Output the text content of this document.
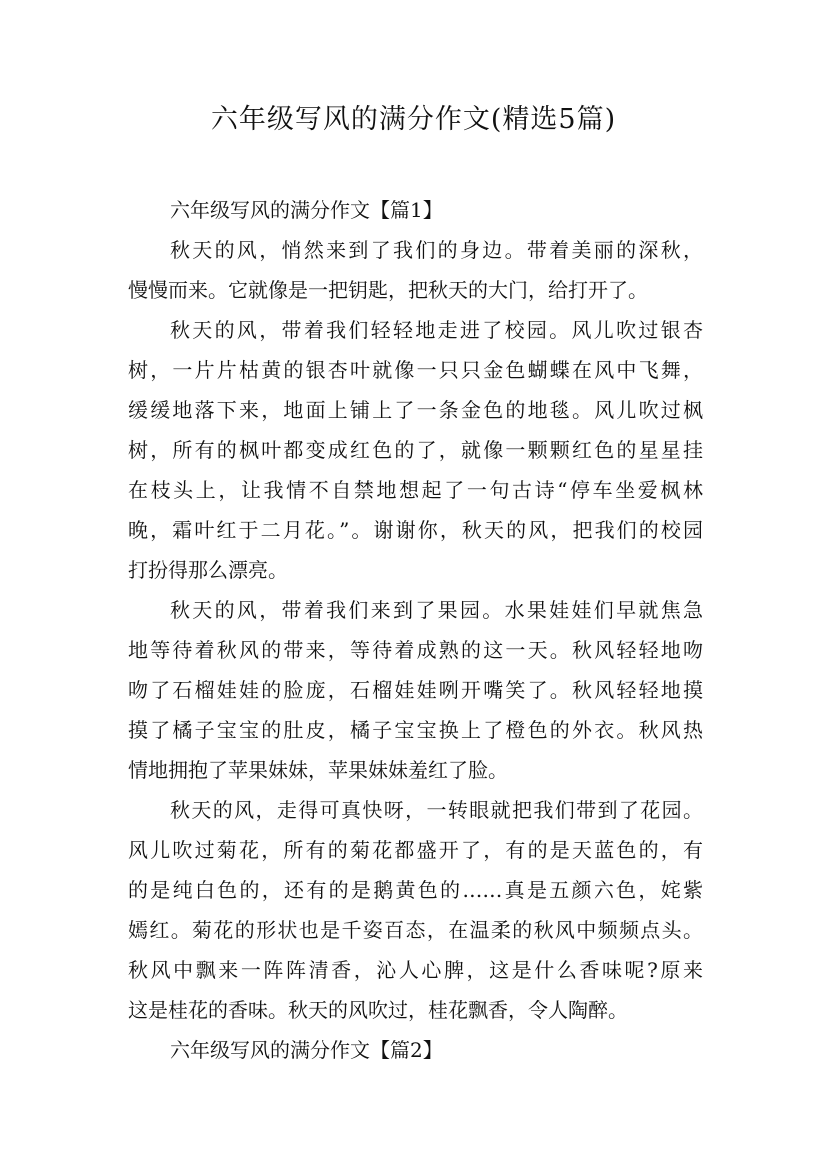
六年级写风的满分作文(精选5篇)
六年级写风的满分作文【篇1】
秋天的风，悄然来到了我们的身边。带着美丽的深秋，
慢慢而来。它就像是一把钥匙，把秋天的大门，给打开了。
秋天的风，带着我们轻轻地走进了校园。风儿吹过银杏
树，一片片枯黄的银杏叶就像一只只金色蝴蝶在风中飞舞，
缓缓地落下来，地面上铺上了一条金色的地毯。风儿吹过枫
树，所有的枫叶都变成红色的了，就像一颗颗红色的星星挂
在枝头上，让我情不自禁地想起了一句古诗“停车坐爱枫林
晚，霜叶红于二月花。”。谢谢你，秋天的风，把我们的校园
打扮得那么漂亮。
秋天的风，带着我们来到了果园。水果娃娃们早就焦急
地等待着秋风的带来，等待着成熟的这一天。秋风轻轻地吻
吻了石榴娃娃的脸庞，石榴娃娃咧开嘴笑了。秋风轻轻地摸
摸了橘子宝宝的肚皮，橘子宝宝换上了橙色的外衣。秋风热
情地拥抱了苹果妹妹，苹果妹妹羞红了脸。
秋天的风，走得可真快呀，一转眼就把我们带到了花园。
风儿吹过菊花，所有的菊花都盛开了，有的是天蓝色的，有
的是纯白色的，还有的是鹅黄色的……真是五颜六色，姹紫
嫣红。菊花的形状也是千姿百态，在温柔的秋风中频频点头。
秋风中飘来一阵阵清香，沁人心脾，这是什么香味呢?原来
这是桂花的香味。秋天的风吹过，桂花飘香，令人陶醉。
六年级写风的满分作文【篇2】
